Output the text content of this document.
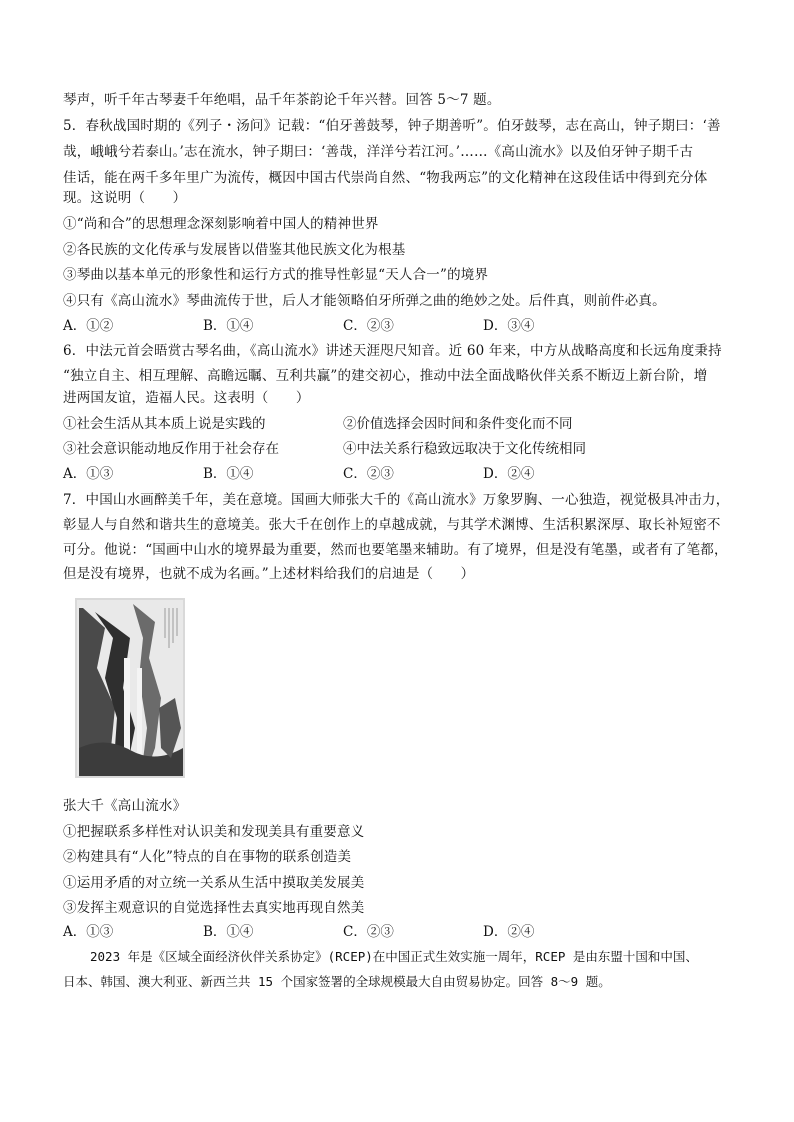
琴声，听千年古琴妻千年绝唱，品千年茶韵论千年兴替。回答 5～7 题。
5．春秋战国时期的《列子・汤问》记载：“伯牙善鼓琴，钟子期善听”。伯牙鼓琴，志在高山，钟子期曰：‘善
哉，峨峨兮若泰山。’志在流水，钟子期曰：‘善哉，洋洋兮若江河。’……《高山流水》以及伯牙钟子期千古
佳话，能在两千多年里广为流传，概因中国古代崇尚自然、“物我两忘”的文化精神在这段佳话中得到充分体
现。这说明（　　）
①“尚和合”的思想理念深刻影响着中国人的精神世界
②各民族的文化传承与发展皆以借鉴其他民族文化为根基
③琴曲以基本单元的形象性和运行方式的推导性彰显“天人合一”的境界
④只有《高山流水》琴曲流传于世，后人才能领略伯牙所弹之曲的绝妙之处。后件真，则前件必真。
A．①②	B．①④	C．②③	D．③④
6．中法元首会晤赏古琴名曲，《高山流水》讲述天涯咫尺知音。近 60 年来，中方从战略高度和长远角度秉持
“独立自主、相互理解、高瞻远瞩、互利共赢”的建交初心，推动中法全面战略伙伴关系不断迈上新台阶，增
进两国友谊，造福人民。这表明（　　）
①社会生活从其本质上说是实践的	②价值选择会因时间和条件变化而不同
③社会意识能动地反作用于社会存在	④中法关系行稳致远取决于文化传统相同
A．①③	B．①④	C．②③	D．②④
7．中国山水画醉美千年，美在意境。国画大师张大千的《高山流水》万象罗胸、一心独造，视觉极具冲击力，
彰显人与自然和谐共生的意境美。张大千在创作上的卓越成就，与其学术渊博、生活积累深厚、取长补短密不
可分。他说：“国画中山水的境界最为重要，然而也要笔墨来辅助。有了境界，但是没有笔墨，或者有了笔都，
但是没有境界，也就不成为名画。”上述材料给我们的启迪是（　　）
张大千《高山流水》
①把握联系多样性对认识美和发现美具有重要意义
②构建具有“人化”特点的自在事物的联系创造美
①运用矛盾的对立统一关系从生活中摸取美发展美
③发挥主观意识的自觉选择性去真实地再现自然美
A．①③	B．①④	C．②③	D．②④
2023 年是《区域全面经济伙伴关系协定》(RCEP)在中国正式生效实施一周年，RCEP 是由东盟十国和中国、
日本、韩国、澳大利亚、新西兰共 15 个国家签署的全球规模最大自由贸易协定。回答 8～9 题。
